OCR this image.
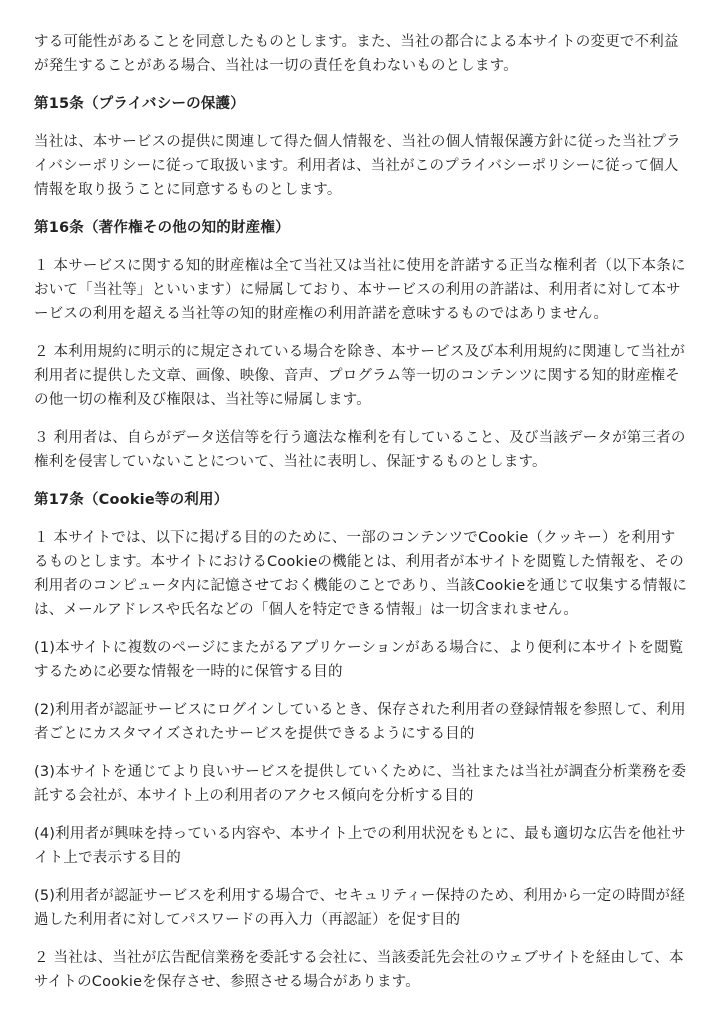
する可能性があることを同意したものとします。また、当社の都合による本サイトの変更で不利益が発生することがある場合、当社は一切の責任を負わないものとします。

第15条（プライバシーの保護）

当社は、本サービスの提供に関連して得た個人情報を、当社の個人情報保護方針に従った当社プライバシーポリシーに従って取扱います。利用者は、当社がこのプライバシーポリシーに従って個人情報を取り扱うことに同意するものとします。

第16条（著作権その他の知的財産権）

１ 本サービスに関する知的財産権は全て当社又は当社に使用を許諾する正当な権利者（以下本条において「当社等」といいます）に帰属しており、本サービスの利用の許諾は、利用者に対して本サービスの利用を超える当社等の知的財産権の利用許諾を意味するものではありません。

２ 本利用規約に明示的に規定されている場合を除き、本サービス及び本利用規約に関連して当社が利用者に提供した文章、画像、映像、音声、プログラム等一切のコンテンツに関する知的財産権その他一切の権利及び権限は、当社等に帰属します。

３ 利用者は、自らがデータ送信等を行う適法な権利を有していること、及び当該データが第三者の権利を侵害していないことについて、当社に表明し、保証するものとします。

第17条（Cookie等の利用）

１ 本サイトでは、以下に掲げる目的のために、一部のコンテンツでCookie（クッキー）を利用するものとします。本サイトにおけるCookieの機能とは、利用者が本サイトを閲覧した情報を、その利用者のコンピュータ内に記憶させておく機能のことであり、当該Cookieを通じて収集する情報には、メールアドレスや氏名などの「個人を特定できる情報」は一切含まれません。

(1)本サイトに複数のページにまたがるアプリケーションがある場合に、より便利に本サイトを閲覧するために必要な情報を一時的に保管する目的

(2)利用者が認証サービスにログインしているとき、保存された利用者の登録情報を参照して、利用者ごとにカスタマイズされたサービスを提供できるようにする目的

(3)本サイトを通じてより良いサービスを提供していくために、当社または当社が調査分析業務を委託する会社が、本サイト上の利用者のアクセス傾向を分析する目的

(4)利用者が興味を持っている内容や、本サイト上での利用状況をもとに、最も適切な広告を他社サイト上で表示する目的

(5)利用者が認証サービスを利用する場合で、セキュリティー保持のため、利用から一定の時間が経過した利用者に対してパスワードの再入力（再認証）を促す目的

２ 当社は、当社が広告配信業務を委託する会社に、当該委託先会社のウェブサイトを経由して、本サイトのCookieを保存させ、参照させる場合があります。
